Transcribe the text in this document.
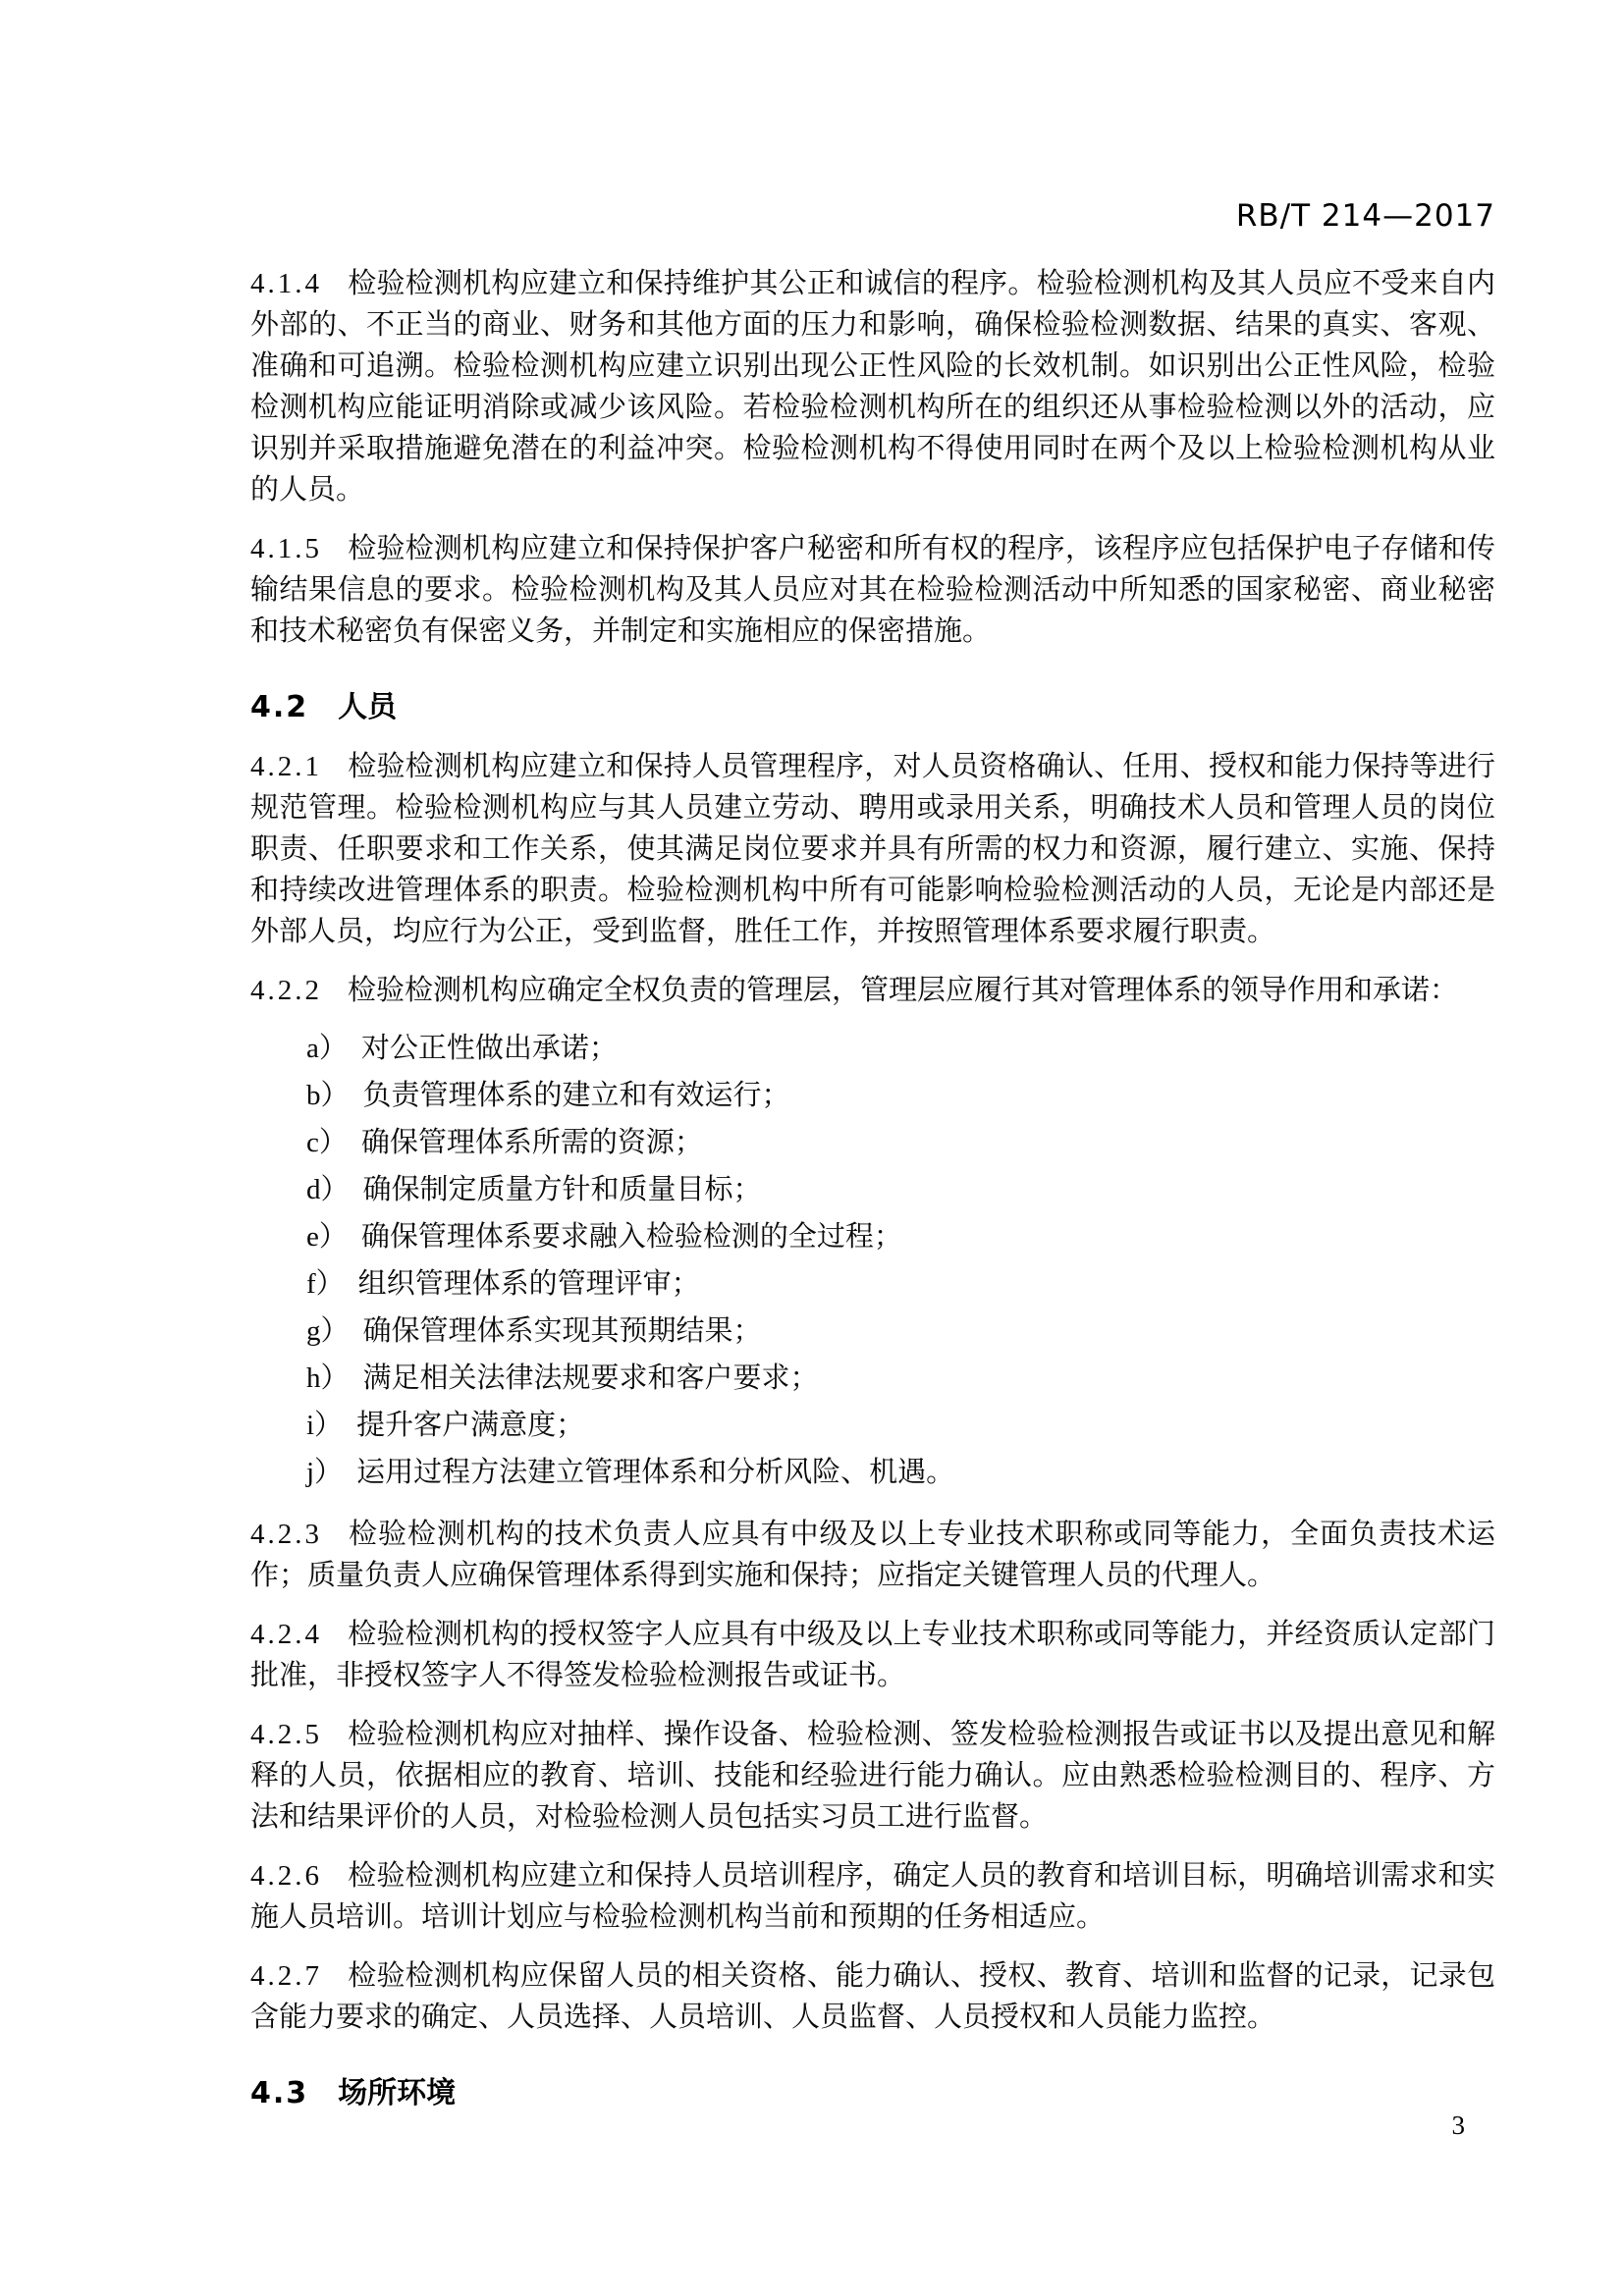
RB/T 214—2017

4.1.4 检验检测机构应建立和保持维护其公正和诚信的程序。检验检测机构及其人员应不受来自内外部的、不正当的商业、财务和其他方面的压力和影响，确保检验检测数据、结果的真实、客观、准确和可追溯。检验检测机构应建立识别出现公正性风险的长效机制。如识别出公正性风险，检验检测机构应能证明消除或减少该风险。若检验检测机构所在的组织还从事检验检测以外的活动，应识别并采取措施避免潜在的利益冲突。检验检测机构不得使用同时在两个及以上检验检测机构从业的人员。

4.1.5 检验检测机构应建立和保持保护客户秘密和所有权的程序，该程序应包括保护电子存储和传输结果信息的要求。检验检测机构及其人员应对其在检验检测活动中所知悉的国家秘密、商业秘密和技术秘密负有保密义务，并制定和实施相应的保密措施。

4.2 人员

4.2.1 检验检测机构应建立和保持人员管理程序，对人员资格确认、任用、授权和能力保持等进行规范管理。检验检测机构应与其人员建立劳动、聘用或录用关系，明确技术人员和管理人员的岗位职责、任职要求和工作关系，使其满足岗位要求并具有所需的权力和资源，履行建立、实施、保持和持续改进管理体系的职责。检验检测机构中所有可能影响检验检测活动的人员，无论是内部还是外部人员，均应行为公正，受到监督，胜任工作，并按照管理体系要求履行职责。

4.2.2 检验检测机构应确定全权负责的管理层，管理层应履行其对管理体系的领导作用和承诺：

a） 对公正性做出承诺；
b） 负责管理体系的建立和有效运行；
c） 确保管理体系所需的资源；
d） 确保制定质量方针和质量目标；
e） 确保管理体系要求融入检验检测的全过程；
f） 组织管理体系的管理评审；
g） 确保管理体系实现其预期结果；
h） 满足相关法律法规要求和客户要求；
i） 提升客户满意度；
j） 运用过程方法建立管理体系和分析风险、机遇。

4.2.3 检验检测机构的技术负责人应具有中级及以上专业技术职称或同等能力，全面负责技术运作；质量负责人应确保管理体系得到实施和保持；应指定关键管理人员的代理人。

4.2.4 检验检测机构的授权签字人应具有中级及以上专业技术职称或同等能力，并经资质认定部门批准，非授权签字人不得签发检验检测报告或证书。

4.2.5 检验检测机构应对抽样、操作设备、检验检测、签发检验检测报告或证书以及提出意见和解释的人员，依据相应的教育、培训、技能和经验进行能力确认。应由熟悉检验检测目的、程序、方法和结果评价的人员，对检验检测人员包括实习员工进行监督。

4.2.6 检验检测机构应建立和保持人员培训程序，确定人员的教育和培训目标，明确培训需求和实施人员培训。培训计划应与检验检测机构当前和预期的任务相适应。

4.2.7 检验检测机构应保留人员的相关资格、能力确认、授权、教育、培训和监督的记录，记录包含能力要求的确定、人员选择、人员培训、人员监督、人员授权和人员能力监控。

4.3 场所环境
3
